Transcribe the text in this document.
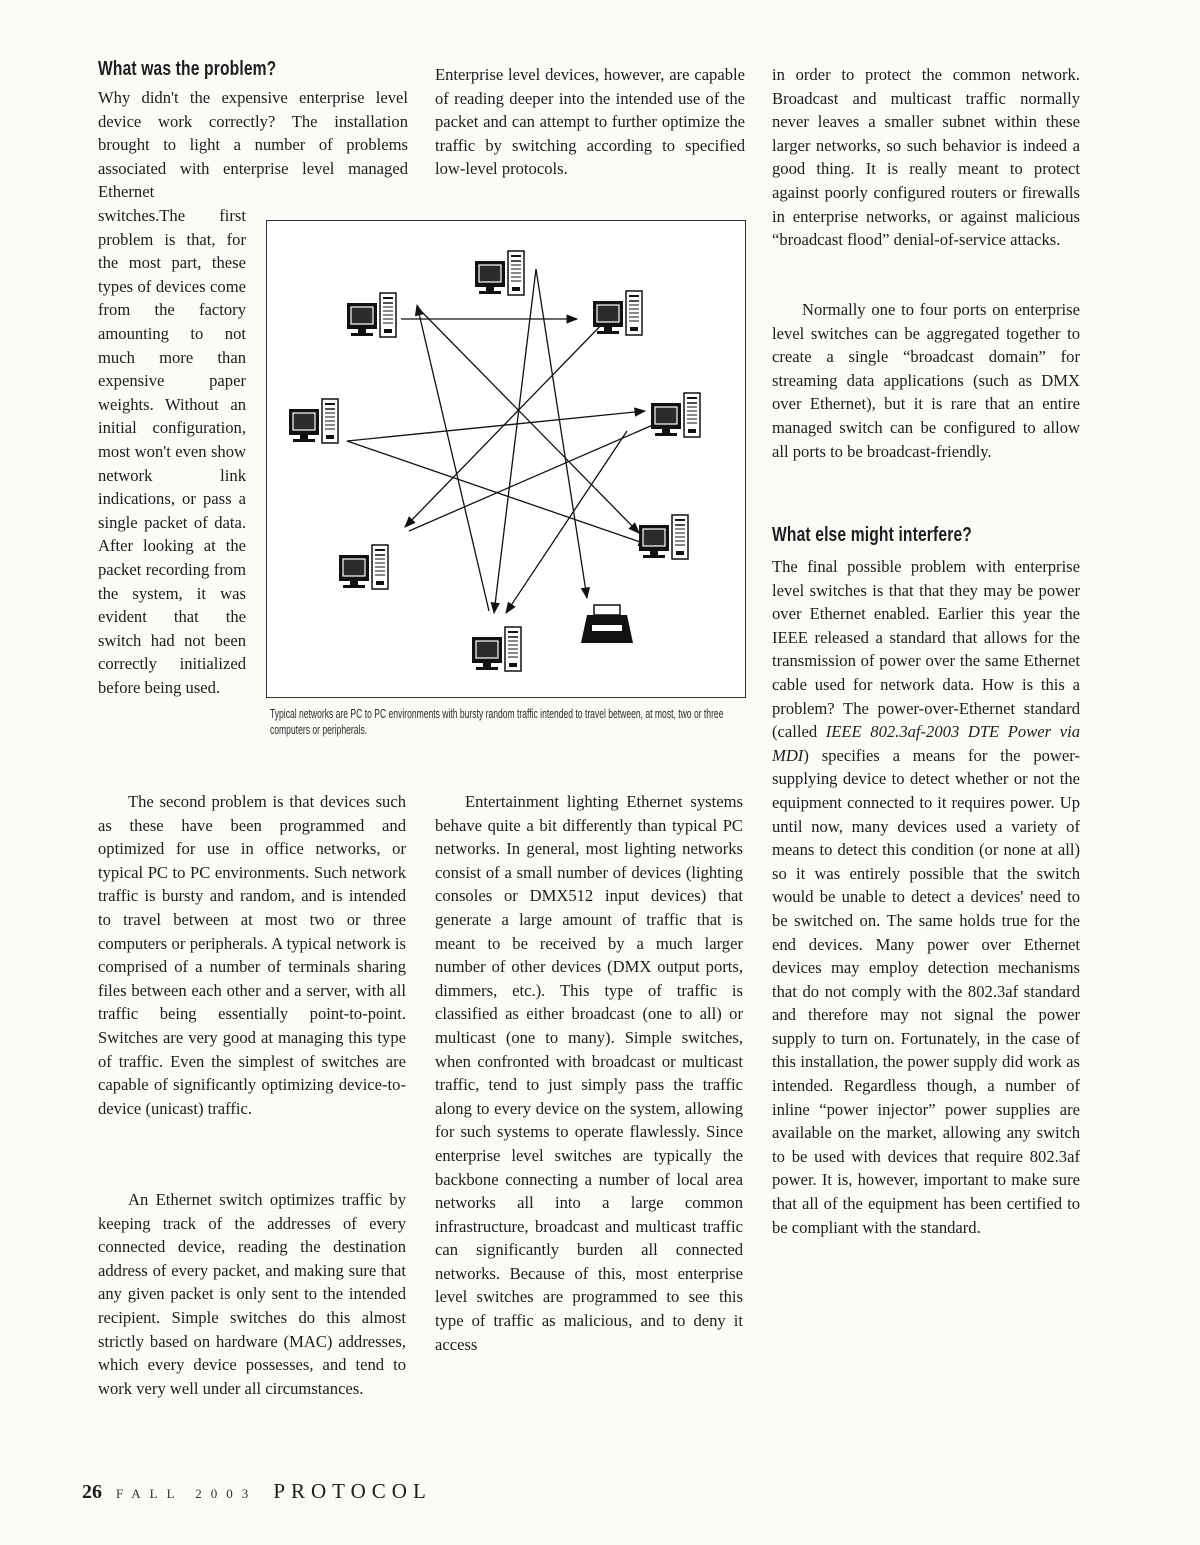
What was the problem?

Why didn't the expensive enterprise level device work correctly? The installation brought to light a number of problems associated with enterprise level managed Ethernet

switches.The first problem is that, for the most part, these types of devices come from the factory amounting to not much more than expensive paper weights. Without an initial configuration, most won't even show network link indications, or pass a single packet of data. After looking at the packet recording from the system, it was evident that the switch had not been correctly initialized before being used.

The second problem is that devices such as these have been programmed and optimized for use in office networks, or typical PC to PC environments. Such network traffic is bursty and random, and is intended to travel between at most two or three computers or peripherals. A typical network is comprised of a number of terminals sharing files between each other and a server, with all traffic being essentially point-to-point. Switches are very good at managing this type of traffic. Even the simplest of switches are capable of significantly optimizing device-to-device (unicast) traffic.

An Ethernet switch optimizes traffic by keeping track of the addresses of every connected device, reading the destination address of every packet, and making sure that any given packet is only sent to the intended recipient. Simple switches do this almost strictly based on hardware (MAC) addresses, which every device possesses, and tend to work very well under all circumstances.

Enterprise level devices, however, are capable of reading deeper into the intended use of the packet and can attempt to further optimize the traffic by switching according to specified low-level protocols.

Entertainment lighting Ethernet systems behave quite a bit differently than typical PC networks. In general, most lighting networks consist of a small number of devices (lighting consoles or DMX512 input devices) that generate a large amount of traffic that is meant to be received by a much larger number of other devices (DMX output ports, dimmers, etc.). This type of traffic is classified as either broadcast (one to all) or multicast (one to many). Simple switches, when confronted with broadcast or multicast traffic, tend to just simply pass the traffic along to every device on the system, allowing for such systems to operate flawlessly. Since enterprise level switches are typically the backbone connecting a number of local area networks all into a large common infrastructure, broadcast and multicast traffic can significantly burden all connected networks. Because of this, most enterprise level switches are programmed to see this type of traffic as malicious, and to deny it access

in order to protect the common network. Broadcast and multicast traffic normally never leaves a smaller subnet within these larger networks, so such behavior is indeed a good thing. It is really meant to protect against poorly configured routers or firewalls in enterprise networks, or against malicious “broadcast flood” denial-of-service attacks.

Normally one to four ports on enterprise level switches can be aggregated together to create a single “broadcast domain” for streaming data applications (such as DMX over Ethernet), but it is rare that an entire managed switch can be configured to allow all ports to be broadcast-friendly.

What else might interfere?

The final possible problem with enterprise level switches is that that they may be power over Ethernet enabled. Earlier this year the IEEE released a standard that allows for the transmission of power over the same Ethernet cable used for network data. How is this a problem? The power-over-Ethernet standard (called IEEE 802.3af-2003 DTE Power via MDI) specifies a means for the power-supplying device to detect whether or not the equipment connected to it requires power. Up until now, many devices used a variety of means to detect this condition (or none at all) so it was entirely possible that the switch would be unable to detect a devices' need to be switched on. The same holds true for the end devices. Many power over Ethernet devices may employ detection mechanisms that do not comply with the 802.3af standard and therefore may not signal the power supply to turn on. Fortunately, in the case of this installation, the power supply did work as intended. Regardless though, a number of inline “power injector” power supplies are available on the market, allowing any switch to be used with devices that require 802.3af power. It is, however, important to make sure that all of the equipment has been certified to be compliant with the standard.

Typical networks are PC to PC environments with bursty random traffic intended to travel between, at most, two or three computers or peripherals.

26 FALL 2003 PROTOCOL
